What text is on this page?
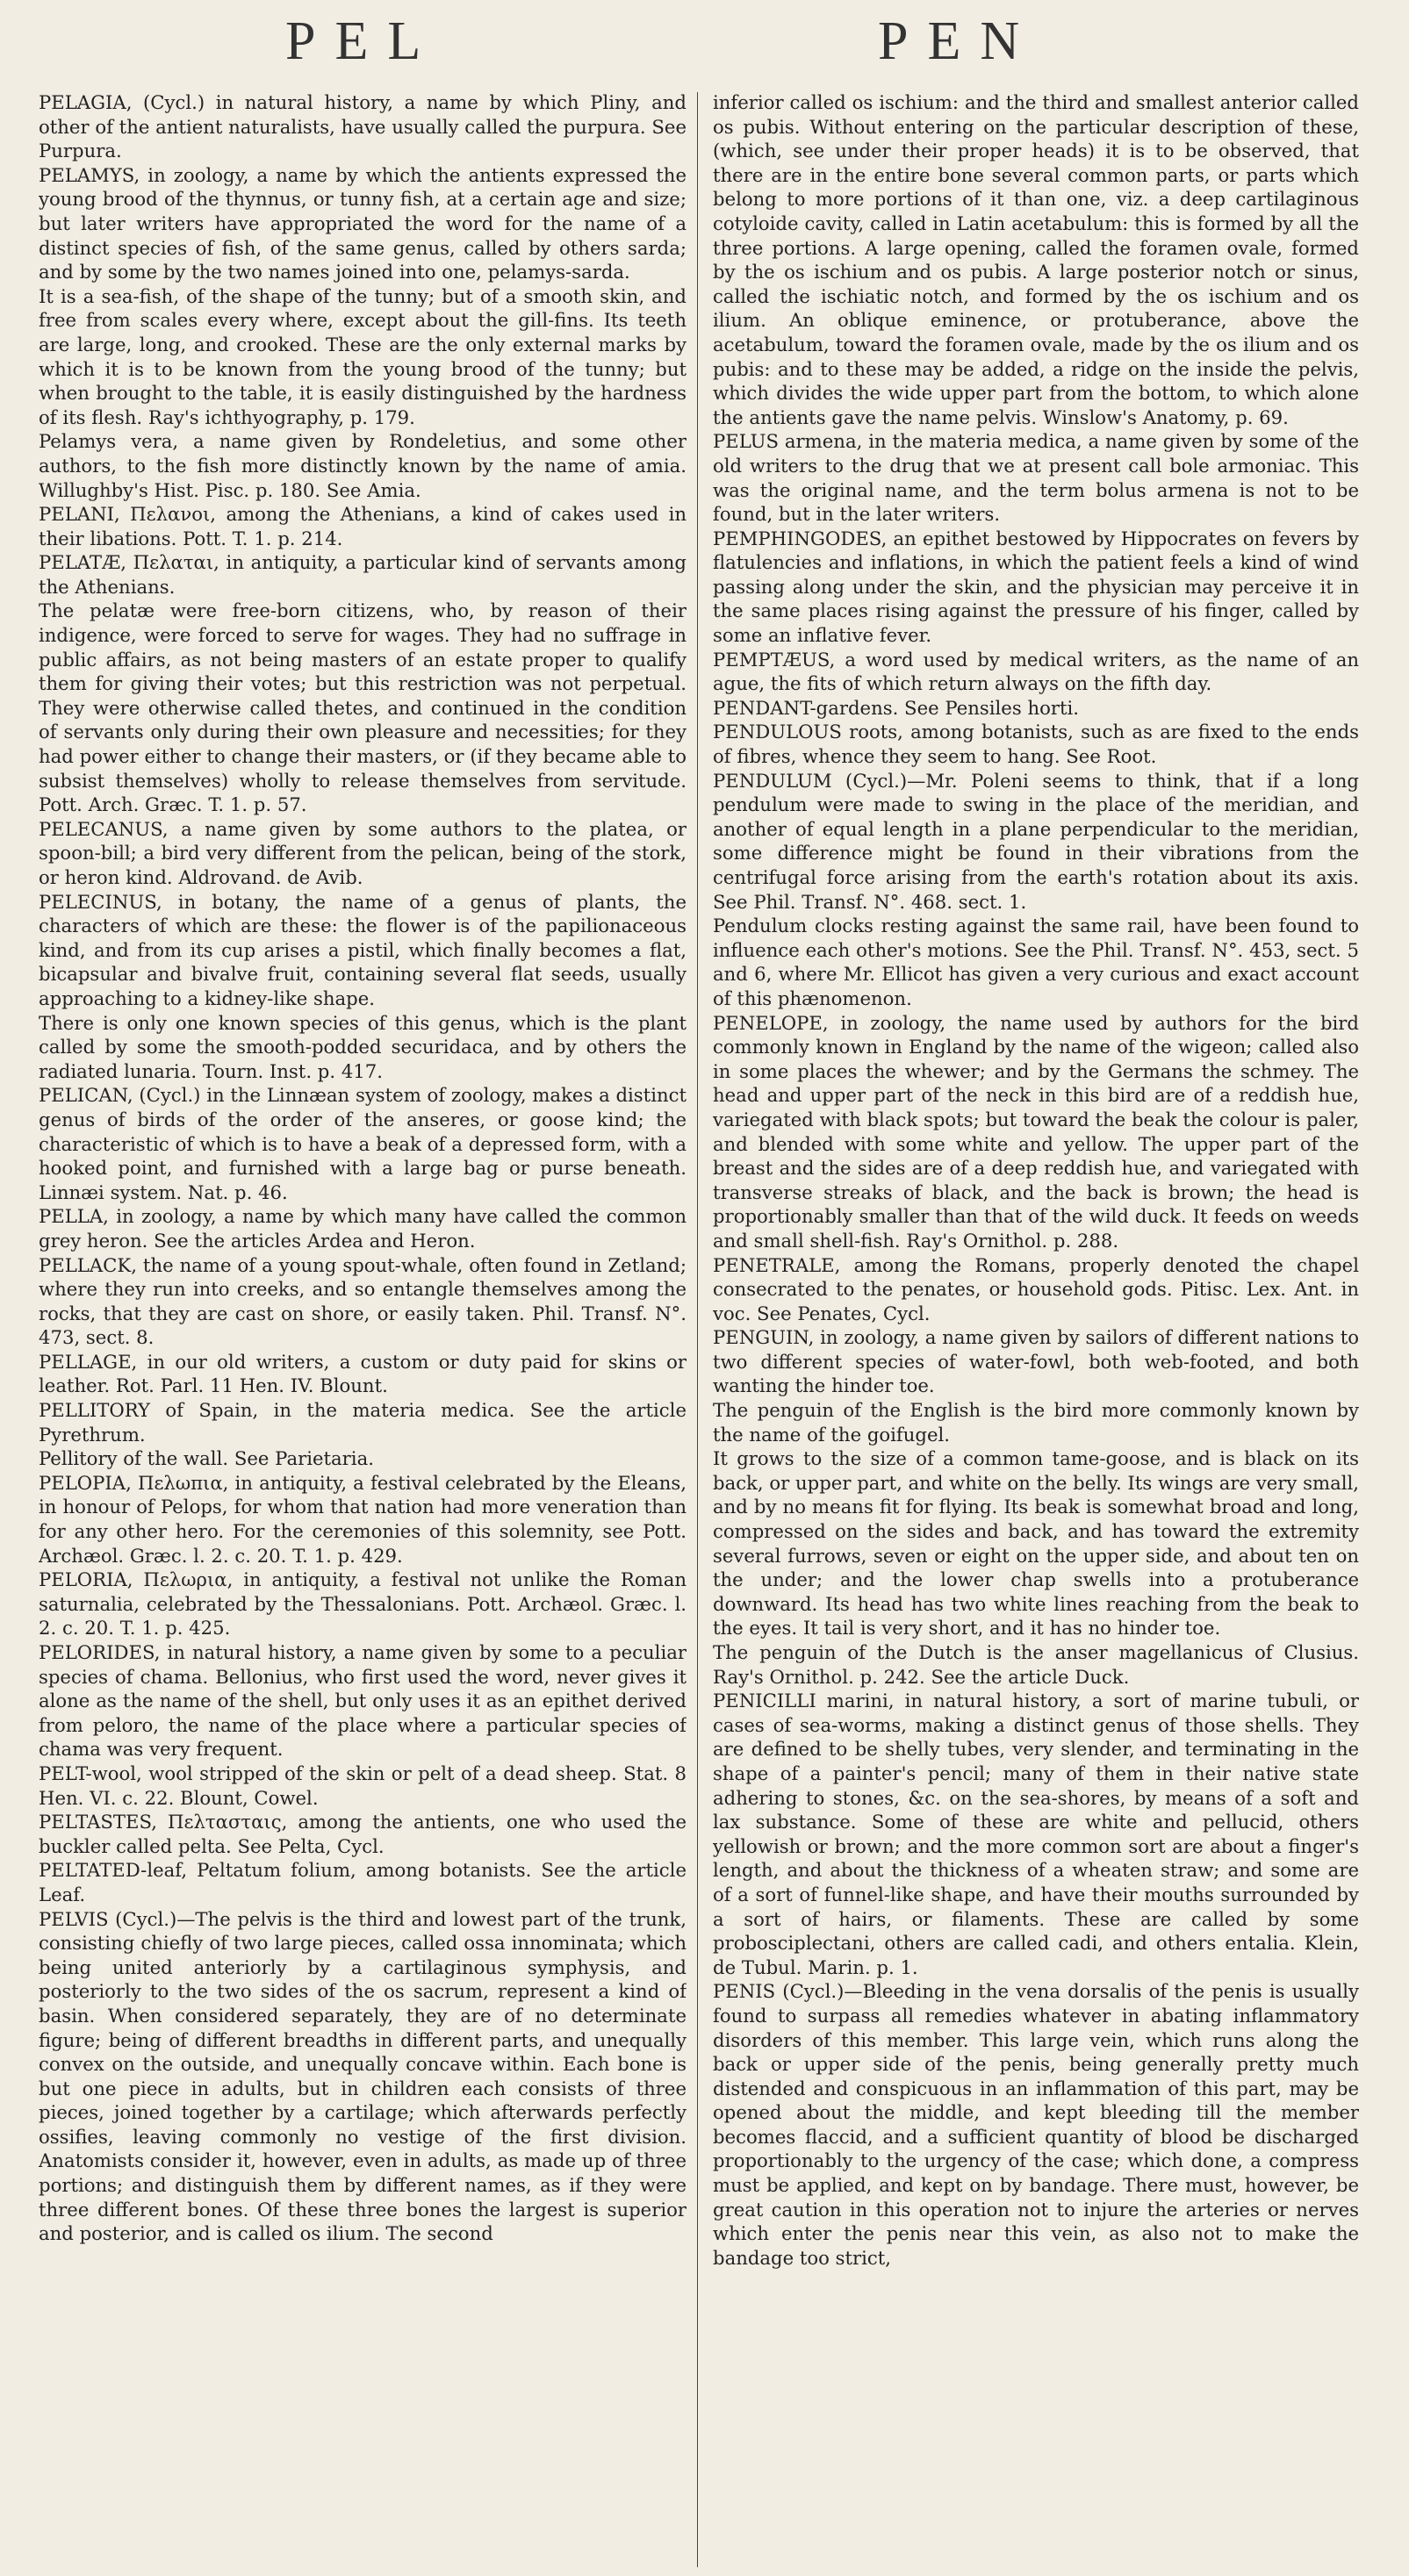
PEL	PEN

PELAGIA, (Cycl.) in natural history, a name by which Pliny, and other of the antient naturalists, have usually called the purpura. See Purpura.

PELAMYS, in zoology, a name by which the antients expressed the young brood of the thynnus, or tunny fish, at a certain age and size; but later writers have appropriated the word for the name of a distinct species of fish, of the same genus, called by others sarda; and by some by the two names joined into one, pelamys-sarda.

It is a sea-fish, of the shape of the tunny; but of a smooth skin, and free from scales every where, except about the gill-fins. Its teeth are large, long, and crooked. These are the only external marks by which it is to be known from the young brood of the tunny; but when brought to the table, it is easily distinguished by the hardness of its flesh. Ray's ichthyography, p. 179.

Pelamys vera, a name given by Rondeletius, and some other authors, to the fish more distinctly known by the name of amia. Willughby's Hist. Pisc. p. 180. See Amia.

PELANI, Πελανοι, among the Athenians, a kind of cakes used in their libations. Pott. T. 1. p. 214.

PELATÆ, Πελαται, in antiquity, a particular kind of servants among the Athenians.

The pelatæ were free-born citizens, who, by reason of their indigence, were forced to serve for wages. They had no suffrage in public affairs, as not being masters of an estate proper to qualify them for giving their votes; but this restriction was not perpetual. They were otherwise called thetes, and continued in the condition of servants only during their own pleasure and necessities; for they had power either to change their masters, or (if they became able to subsist themselves) wholly to release themselves from servitude. Pott. Arch. Græc. T. 1. p. 57.

PELECANUS, a name given by some authors to the platea, or spoon-bill; a bird very different from the pelican, being of the stork, or heron kind. Aldrovand. de Avib.

PELECINUS, in botany, the name of a genus of plants, the characters of which are these: the flower is of the papilionaceous kind, and from its cup arises a pistil, which finally becomes a flat, bicapsular and bivalve fruit, containing several flat seeds, usually approaching to a kidney-like shape.

There is only one known species of this genus, which is the plant called by some the smooth-podded securidaca, and by others the radiated lunaria. Tourn. Inst. p. 417.

PELICAN, (Cycl.) in the Linnæan system of zoology, makes a distinct genus of birds of the order of the anseres, or goose kind; the characteristic of which is to have a beak of a depressed form, with a hooked point, and furnished with a large bag or purse beneath. Linnæi system. Nat. p. 46.

PELLA, in zoology, a name by which many have called the common grey heron. See the articles Ardea and Heron.

PELLACK, the name of a young spout-whale, often found in Zetland; where they run into creeks, and so entangle themselves among the rocks, that they are cast on shore, or easily taken. Phil. Transf. N°. 473, sect. 8.

PELLAGE, in our old writers, a custom or duty paid for skins or leather. Rot. Parl. 11 Hen. IV. Blount.

PELLITORY of Spain, in the materia medica. See the article Pyrethrum.

Pellitory of the wall. See Parietaria.

PELOPIA, Πελωπια, in antiquity, a festival celebrated by the Eleans, in honour of Pelops, for whom that nation had more veneration than for any other hero. For the ceremonies of this solemnity, see Pott. Archæol. Græc. l. 2. c. 20. T. 1. p. 429.

PELORIA, Πελωρια, in antiquity, a festival not unlike the Roman saturnalia, celebrated by the Thessalonians. Pott. Archæol. Græc. l. 2. c. 20. T. 1. p. 425.

PELORIDES, in natural history, a name given by some to a peculiar species of chama. Bellonius, who first used the word, never gives it alone as the name of the shell, but only uses it as an epithet derived from peloro, the name of the place where a particular species of chama was very frequent.

PELT-wool, wool stripped of the skin or pelt of a dead sheep. Stat. 8 Hen. VI. c. 22. Blount, Cowel.

PELTASTES, Πελτασταις, among the antients, one who used the buckler called pelta. See Pelta, Cycl.

PELTATED-leaf, Peltatum folium, among botanists. See the article Leaf.

PELVIS (Cycl.)—The pelvis is the third and lowest part of the trunk, consisting chiefly of two large pieces, called ossa innominata; which being united anteriorly by a cartilaginous symphysis, and posteriorly to the two sides of the os sacrum, represent a kind of basin. When considered separately, they are of no determinate figure; being of different breadths in different parts, and unequally convex on the outside, and unequally concave within. Each bone is but one piece in adults, but in children each consists of three pieces, joined together by a cartilage; which afterwards perfectly ossifies, leaving commonly no vestige of the first division. Anatomists consider it, however, even in adults, as made up of three portions; and distinguish them by different names, as if they were three different bones. Of these three bones the largest is superior and posterior, and is called os ilium. The second

inferior called os ischium: and the third and smallest anterior called os pubis. Without entering on the particular description of these, (which, see under their proper heads) it is to be observed, that there are in the entire bone several common parts, or parts which belong to more portions of it than one, viz. a deep cartilaginous cotyloide cavity, called in Latin acetabulum: this is formed by all the three portions. A large opening, called the foramen ovale, formed by the os ischium and os pubis. A large posterior notch or sinus, called the ischiatic notch, and formed by the os ischium and os ilium. An oblique eminence, or protuberance, above the acetabulum, toward the foramen ovale, made by the os ilium and os pubis: and to these may be added, a ridge on the inside the pelvis, which divides the wide upper part from the bottom, to which alone the antients gave the name pelvis. Winslow's Anatomy, p. 69.

PELUS armena, in the materia medica, a name given by some of the old writers to the drug that we at present call bole armoniac. This was the original name, and the term bolus armena is not to be found, but in the later writers.

PEMPHINGODES, an epithet bestowed by Hippocrates on fevers by flatulencies and inflations, in which the patient feels a kind of wind passing along under the skin, and the physician may perceive it in the same places rising against the pressure of his finger, called by some an inflative fever.

PEMPTÆUS, a word used by medical writers, as the name of an ague, the fits of which return always on the fifth day.

PENDANT-gardens. See Pensiles horti.

PENDULOUS roots, among botanists, such as are fixed to the ends of fibres, whence they seem to hang. See Root.

PENDULUM (Cycl.)—Mr. Poleni seems to think, that if a long pendulum were made to swing in the place of the meridian, and another of equal length in a plane perpendicular to the meridian, some difference might be found in their vibrations from the centrifugal force arising from the earth's rotation about its axis. See Phil. Transf. N°. 468. sect. 1.

Pendulum clocks resting against the same rail, have been found to influence each other's motions. See the Phil. Transf. N°. 453, sect. 5 and 6, where Mr. Ellicot has given a very curious and exact account of this phænomenon.

PENELOPE, in zoology, the name used by authors for the bird commonly known in England by the name of the wigeon; called also in some places the whewer; and by the Germans the schmey. The head and upper part of the neck in this bird are of a reddish hue, variegated with black spots; but toward the beak the colour is paler, and blended with some white and yellow. The upper part of the breast and the sides are of a deep reddish hue, and variegated with transverse streaks of black, and the back is brown; the head is proportionably smaller than that of the wild duck. It feeds on weeds and small shell-fish. Ray's Ornithol. p. 288.

PENETRALE, among the Romans, properly denoted the chapel consecrated to the penates, or household gods. Pitisc. Lex. Ant. in voc. See Penates, Cycl.

PENGUIN, in zoology, a name given by sailors of different nations to two different species of water-fowl, both web-footed, and both wanting the hinder toe.

The penguin of the English is the bird more commonly known by the name of the goifugel.

It grows to the size of a common tame-goose, and is black on its back, or upper part, and white on the belly. Its wings are very small, and by no means fit for flying. Its beak is somewhat broad and long, compressed on the sides and back, and has toward the extremity several furrows, seven or eight on the upper side, and about ten on the under; and the lower chap swells into a protuberance downward. Its head has two white lines reaching from the beak to the eyes. It tail is very short, and it has no hinder toe.

The penguin of the Dutch is the anser magellanicus of Clusius. Ray's Ornithol. p. 242. See the article Duck.

PENICILLI marini, in natural history, a sort of marine tubuli, or cases of sea-worms, making a distinct genus of those shells. They are defined to be shelly tubes, very slender, and terminating in the shape of a painter's pencil; many of them in their native state adhering to stones, &c. on the sea-shores, by means of a soft and lax substance. Some of these are white and pellucid, others yellowish or brown; and the more common sort are about a finger's length, and about the thickness of a wheaten straw; and some are of a sort of funnel-like shape, and have their mouths surrounded by a sort of hairs, or filaments. These are called by some probosciplectani, others are called cadi, and others entalia. Klein, de Tubul. Marin. p. 1.

PENIS (Cycl.)—Bleeding in the vena dorsalis of the penis is usually found to surpass all remedies whatever in abating inflammatory disorders of this member. This large vein, which runs along the back or upper side of the penis, being generally pretty much distended and conspicuous in an inflammation of this part, may be opened about the middle, and kept bleeding till the member becomes flaccid, and a sufficient quantity of blood be discharged proportionably to the urgency of the case; which done, a compress must be applied, and kept on by bandage. There must, however, be great caution in this operation not to injure the arteries or nerves which enter the penis near this vein, as also not to make the bandage too strict,
